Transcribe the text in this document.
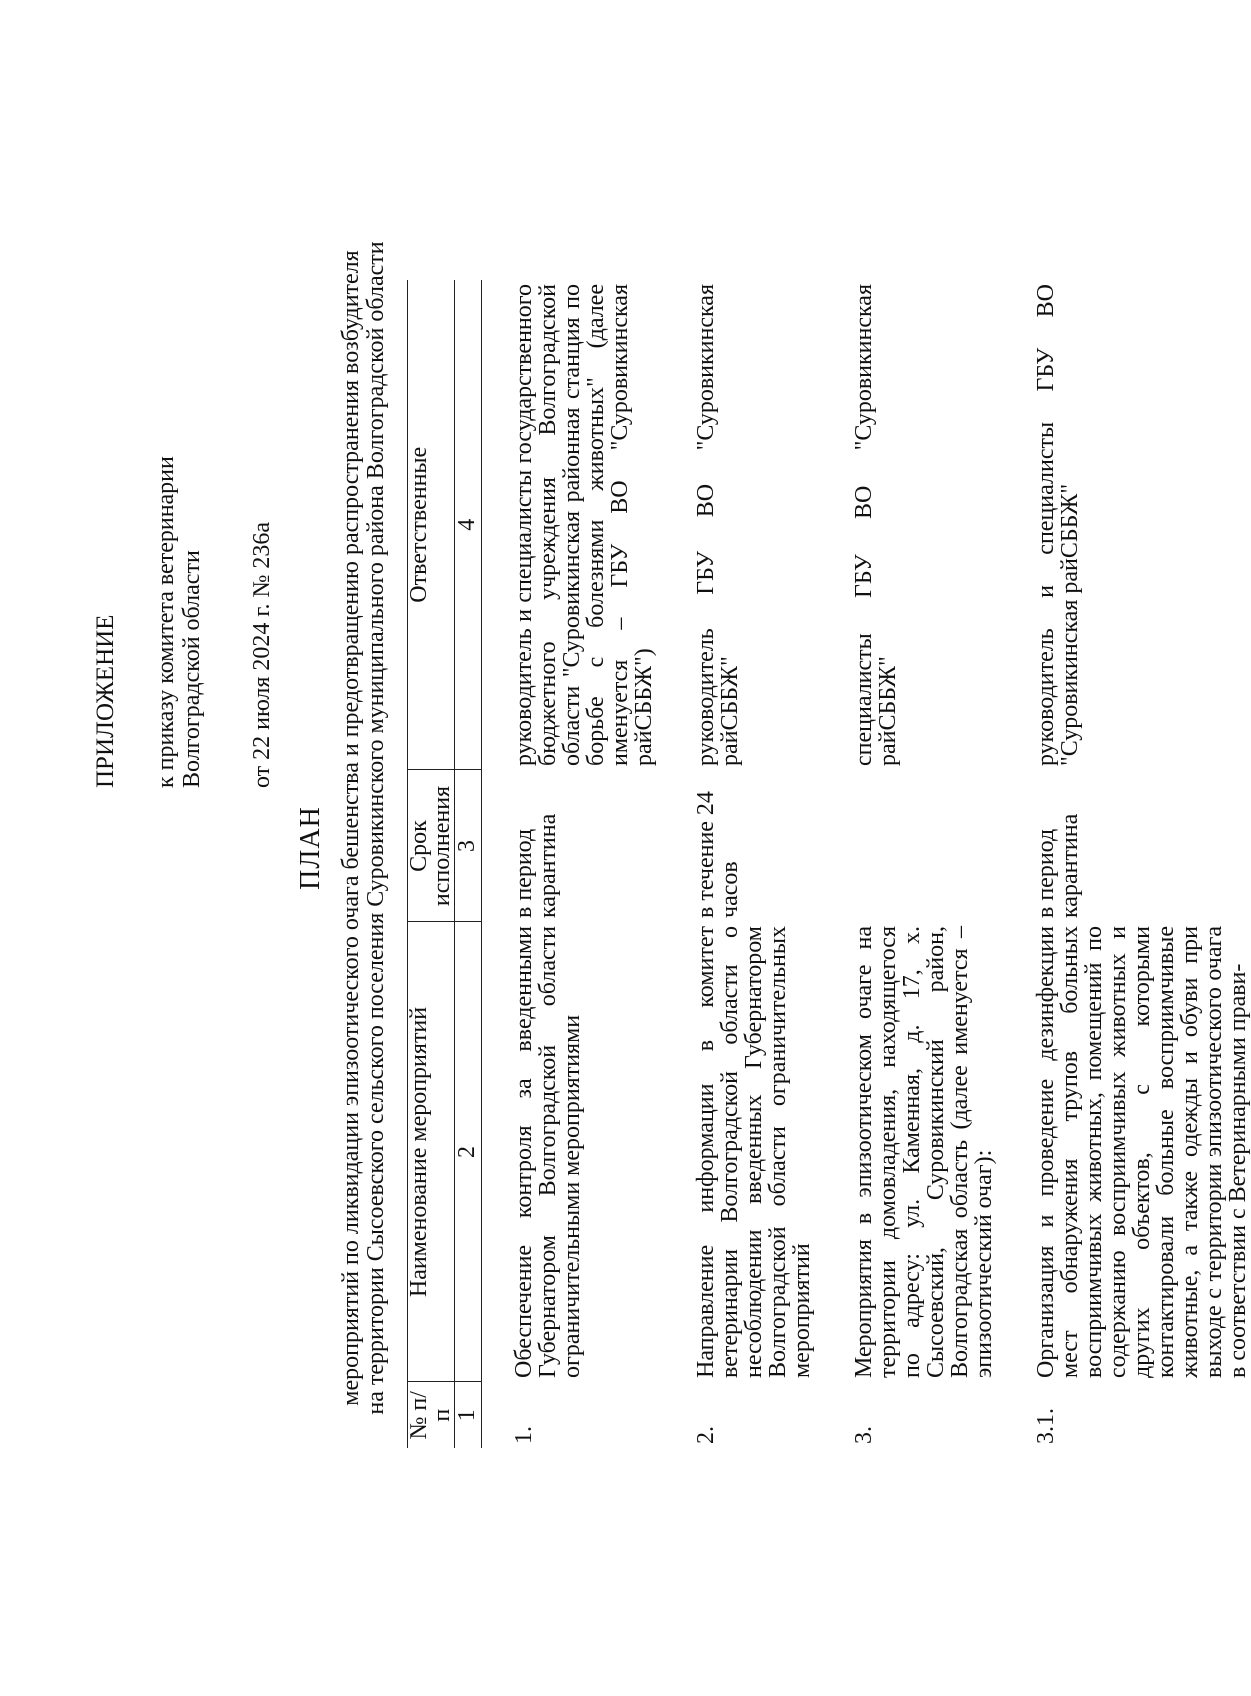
ПРИЛОЖЕНИЕ к приказу комитета ветеринарии Волгоградской области от 22 июля 2024 г. № 236а
ПЛАН мероприятий по ликвидации эпизоотического очага бешенства и предотвращению распространения возбудителя на территории Сысоевского сельского поселения Суровикинского муниципального района Волгоградской области
№ п/п	Наименование мероприятий	Срок исполнения	Ответственные
1	2	3	4

1.	Обеспечение контроля за введенными Губернатором Волгоградской области ограничительными мероприятиями	в период карантина	руководитель и специалисты государственного бюджетного учреждения Волгоградской области "Суровикинская районная станция по борьбе с болезнями животных" (далее именуется – ГБУ ВО "Суровикинская райСББЖ")

2.	Направление информации в комитет ветеринарии Волгоградской области о несоблюдении введенных Губернатором Волгоградской области ограничительных мероприятий	в течение 24 часов	руководитель ГБУ ВО "Суровикинская райСББЖ"

3.	Мероприятия в эпизоотическом очаге на территории домовладения, находящегося по адресу: ул. Каменная, д. 17, х. Сысоевский, Суровикинский район, Волгоградская область (далее именуется – эпизоотический очаг):		специалисты ГБУ ВО "Суровикинская райСББЖ"

3.1.	Организация и проведение дезинфекции мест обнаружения трупов больных восприимчивых животных, помещений по содержанию восприимчивых животных и других объектов, с которыми контактировали больные восприимчивые животные, а также одежды и обуви при выходе с территории эпизоотического очага в соответствии с Ветеринарными прави-	в период карантина	руководитель и специалисты ГБУ ВО "Суровикинская райСББЖ"
